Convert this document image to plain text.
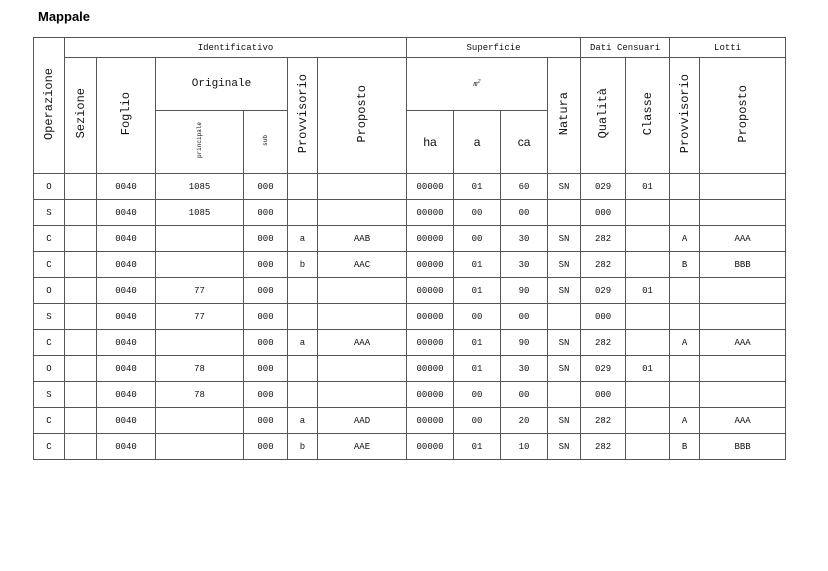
Mappale
Operazione	Identificativo						Superficie				Dati Censuari		Lotti	
	Sezione	Foglio	Originale		Provvisorio	Proposto	$m^2$			Natura	Qualità	Classe	Provvisorio	Proposto
			principale	sub			ha	a	ca					
O		0040	1085	000			00000	01	60	SN	029	01		
S		0040	1085	000			00000	00	00		000			
C		0040		000	a	AAB	00000	00	30	SN	282		A	AAA
C		0040		000	b	AAC	00000	01	30	SN	282		B	BBB
O		0040	77	000			00000	01	90	SN	029	01		
S		0040	77	000			00000	00	00		000			
C		0040		000	a	AAA	00000	01	90	SN	282		A	AAA
O		0040	78	000			00000	01	30	SN	029	01		
S		0040	78	000			00000	00	00		000			
C		0040		000	a	AAD	00000	00	20	SN	282		A	AAA
C		0040		000	b	AAE	00000	01	10	SN	282		B	BBB
